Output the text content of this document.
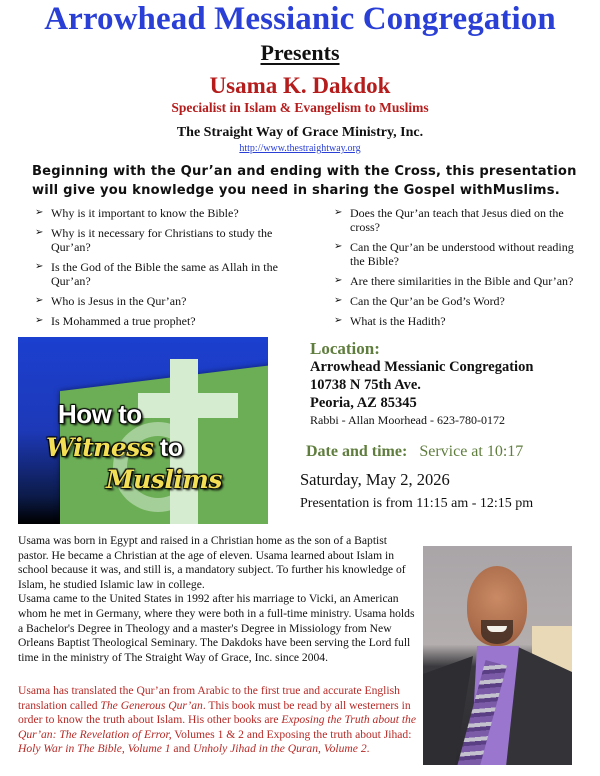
Arrowhead Messianic Congregation
Presents
Usama K. Dakdok
Specialist in Islam & Evangelism to Muslims
The Straight Way of Grace Ministry, Inc.
http://www.thestraightway.org
Beginning with the Qur’an and ending with the Cross, this presentation
will give you knowledge you need in sharing the Gospel withMuslims.
➢ Why is it important to know the Bible?
➢ Why is it necessary for Christians to study the Qur’an?
➢ Is the God of the Bible the same as Allah in the Qur’an?
➢ Who is Jesus in the Qur’an?
➢ Is Mohammed a true prophet?
➢ Does the Qur’an teach that Jesus died on the cross?
➢ Can the Qur’an be understood without reading the Bible?
➢ Are there similarities in the Bible and Qur’an?
➢ Can the Qur’an be God’s Word?
➢ What is the Hadith?
How to
Witness to
Muslims
Location:
Arrowhead Messianic Congregation
10738 N 75th Ave.
Peoria, AZ 85345
Rabbi - Allan Moorhead - 623-780-0172
Date and time: Service at 10:17
Saturday, May 2, 2026
Presentation is from 11:15 am - 12:15 pm

Usama was born in Egypt and raised in a Christian home as the son of a Baptist pastor. He became a Christian at the age of eleven. Usama learned about Islam in school because it was, and still is, a mandatory subject. To further his knowledge of Islam, he studied Islamic law in college.

Usama came to the United States in 1992 after his marriage to Vicki, an American whom he met in Germany, where they were both in a full-time ministry. Usama holds a Bachelor's Degree in Theology and a master's Degree in Missiology from New Orleans Baptist Theological Seminary. The Dakdoks have been serving the Lord full time in the ministry of The Straight Way of Grace, Inc. since 2004.

Usama has translated the Qur’an from Arabic to the first true and accurate English translation called The Generous Qur’an. This book must be read by all westerners in order to know the truth about Islam. His other books are Exposing the Truth about the Qur’an: The Revelation of Error, Volumes 1 & 2 and Exposing the truth about Jihad: Holy War in The Bible, Volume 1 and Unholy Jihad in the Quran, Volume 2.
